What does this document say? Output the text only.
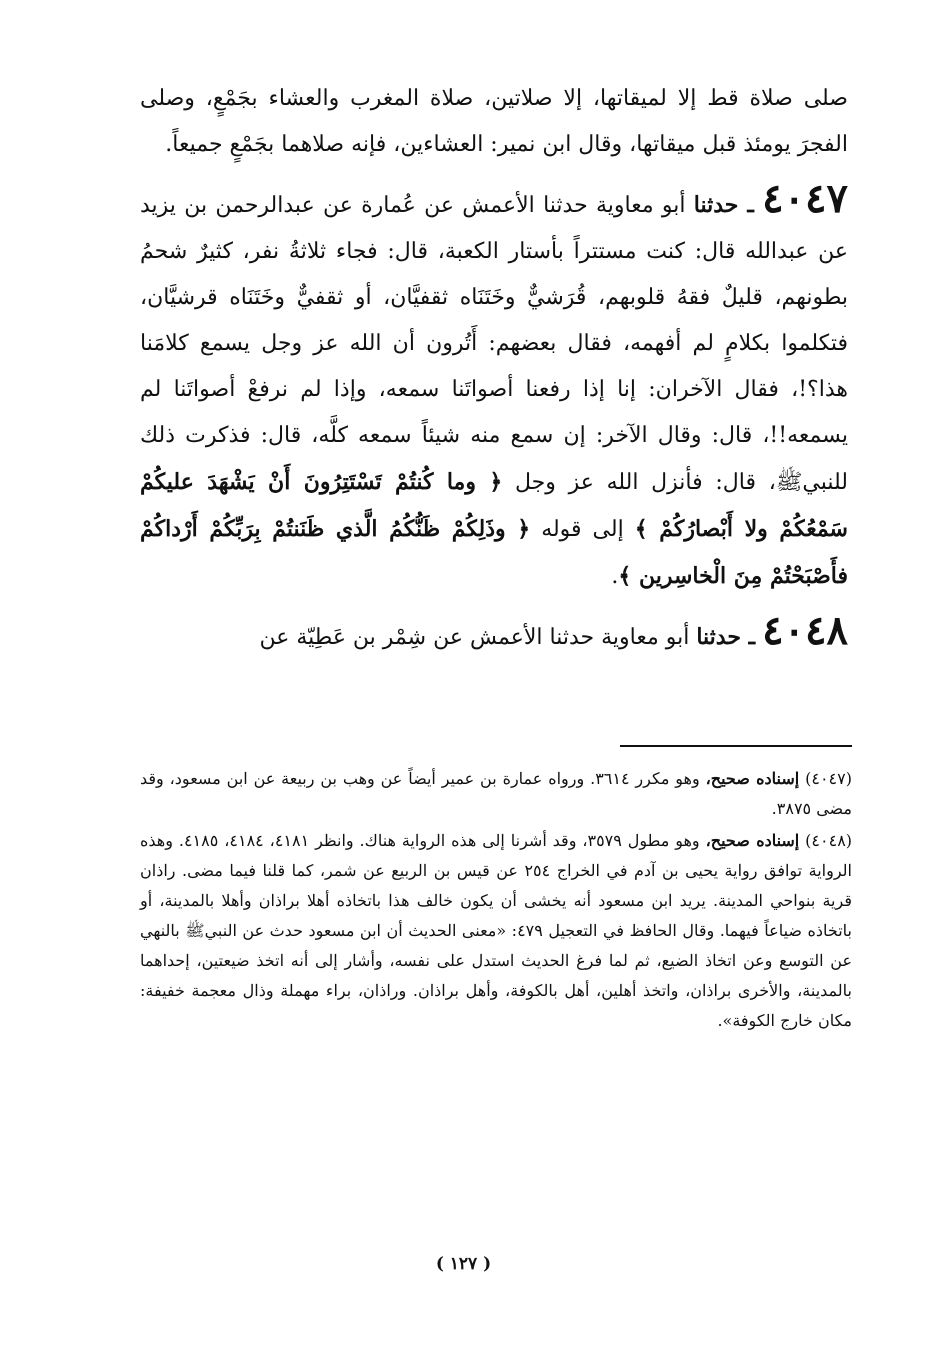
صلى صلاة قط إلا لميقاتها، إلا صلاتين، صلاة المغرب والعشاء بجَمْعٍ، وصلى الفجرَ يومئذ قبل ميقاتها، وقال ابن نمير: العشاءين، فإنه صلاهما بجَمْعٍ جميعاً.

٤٠٤٧ ـ حدثنا أبو معاوية حدثنا الأعمش عن عُمارة عن عبدالرحمن بن يزيد عن عبدالله قال: كنت مستتراً بأستار الكعبة، قال: فجاء ثلاثةُ نفر، كثيرٌ شحمُ بطونهم، قليلٌ فقهُ قلوبهم، قُرَشيٌّ وخَتَنَاه ثقفيَّان، أو ثقفيٌّ وخَتَنَاه قرشيَّان، فتكلموا بكلامٍ لم أفهمه، فقال بعضهم: أَتُرون أن الله عز وجل يسمع كلامَنا هذا؟!، فقال الآخران: إنا إذا رفعنا أصواتَنا سمعه، وإذا لم نرفعْ أصواتَنا لم يسمعه!!، قال: وقال الآخر: إن سمع منه شيئاً سمعه كلَّه، قال: فذكرت ذلك للنبيﷺ، قال: فأنزل الله عز وجل ﴿ وما كُنتُمْ تَسْتَتِرُونَ أَنْ يَشْهَدَ عليكُمْ سَمْعُكُمْ ولا أَبْصارُكُمْ ﴾ إلى قوله ﴿ وذَلِكُمْ ظَنُّكُمُ الَّذي ظَنَنتُمْ بِرَبِّكُمْ أَرْداكُمْ فأَصْبَحْتُمْ مِنَ الْخاسِرين ﴾.

٤٠٤٨ ـ حدثنا أبو معاوية حدثنا الأعمش عن شِمْر بن عَطِيّة عن

(٤٠٤٧) إسناده صحيح، وهو مكرر ٣٦١٤. ورواه عمارة بن عمير أيضاً عن وهب بن ربيعة عن ابن مسعود، وقد مضى ٣٨٧٥.

(٤٠٤٨) إسناده صحيح، وهو مطول ٣٥٧٩، وقد أشرنا إلى هذه الرواية هناك. وانظر ٤١٨١، ٤١٨٤، ٤١٨٥. وهذه الرواية توافق رواية يحيى بن آدم في الخراج ٢٥٤ عن قيس بن الربيع عن شمر، كما قلنا فيما مضى. راذان قرية بنواحي المدينة. يريد ابن مسعود أنه يخشى أن يكون خالف هذا باتخاذه أهلا براذان وأهلا بالمدينة، أو باتخاذه ضياعاً فيهما. وقال الحافظ في التعجيل ٤٧٩: «معنى الحديث أن ابن مسعود حدث عن النبيﷺ بالنهي عن التوسع وعن اتخاذ الضيع، ثم لما فرغ الحديث استدل على نفسه، وأشار إلى أنه اتخذ ضيعتين، إحداهما بالمدينة، والأخرى براذان، واتخذ أهلين، أهل بالكوفة، وأهل براذان. وراذان، براء مهملة وذال معجمة خفيفة: مكان خارج الكوفة».

( ١٢٧ )
